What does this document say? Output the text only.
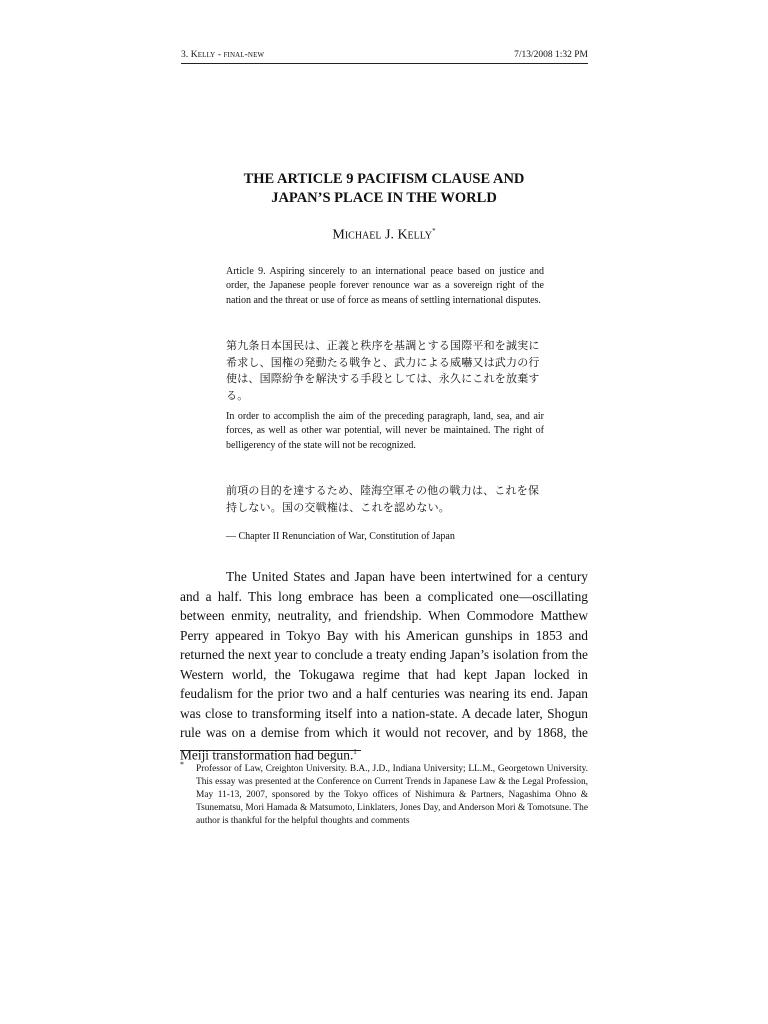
3. Kelly - final-new	7/13/2008 1:32 PM
THE ARTICLE 9 PACIFISM CLAUSE AND
JAPAN’S PLACE IN THE WORLD
Michael J. Kelly*
Article 9. Aspiring sincerely to an international peace based on justice and order, the Japanese people forever renounce war as a sovereign right of the nation and the threat or use of force as means of settling international disputes.
第九条日本国民は、正義と秩序を基調とする国際平和を誠実に希求し、国権の発動たる戦争と、武力による威嚇又は武力の行使は、国際紛争を解決する手段としては、永久にこれを放棄する。
In order to accomplish the aim of the preceding paragraph, land, sea, and air forces, as well as other war potential, will never be maintained. The right of belligerency of the state will not be recognized.
前項の目的を達するため、陸海空軍その他の戦力は、これを保持しない。国の交戦権は、これを認めない。
— Chapter II Renunciation of War, Constitution of Japan
The United States and Japan have been intertwined for a century and a half. This long embrace has been a complicated one—oscillating between enmity, neutrality, and friendship. When Commodore Matthew Perry appeared in Tokyo Bay with his American gunships in 1853 and returned the next year to conclude a treaty ending Japan’s isolation from the Western world, the Tokugawa regime that had kept Japan locked in feudalism for the prior two and a half centuries was nearing its end. Japan was close to transforming itself into a nation-state. A decade later, Shogun rule was on a demise from which it would not recover, and by 1868, the Meiji transformation had begun.$^1$
* Professor of Law, Creighton University. B.A., J.D., Indiana University; LL.M., Georgetown University. This essay was presented at the Conference on Current Trends in Japanese Law & the Legal Profession, May 11-13, 2007, sponsored by the Tokyo offices of Nishimura & Partners, Nagashima Ohno & Tsunematsu, Mori Hamada & Matsumoto, Linklaters, Jones Day, and Anderson Mori & Tomotsune. The author is thankful for the helpful thoughts and comments
